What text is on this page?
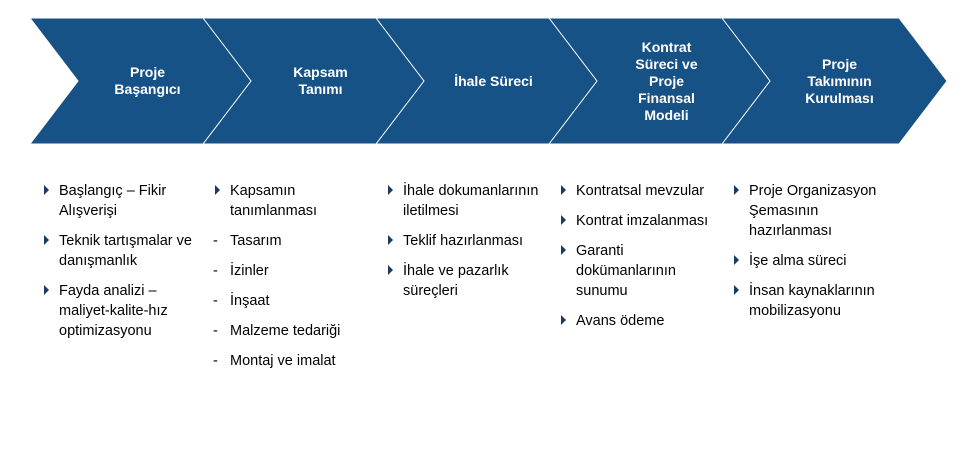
Proje
Başangıcı
Kapsam
Tanımı
İhale Süreci
Kontrat
Süreci ve
Proje
Finansal
Modeli
Proje
Takımının
Kurulması
Başlangıç – Fikir Alışverişi
Teknik tartışmalar ve danışmanlık
Fayda analizi – maliyet-kalite-hız optimizasyonu
Kapsamın tanımlanması
- Tasarım
- İzinler
- İnşaat
- Malzeme tedariği
- Montaj ve imalat
İhale dokumanlarının iletilmesi
Teklif hazırlanması
İhale ve pazarlık süreçleri
Kontratsal mevzular
Kontrat imzalanması
Garanti dokümanlarının sunumu
Avans ödeme
Proje Organizasyon Şemasının hazırlanması
İşe alma süreci
İnsan kaynaklarının mobilizasyonu
